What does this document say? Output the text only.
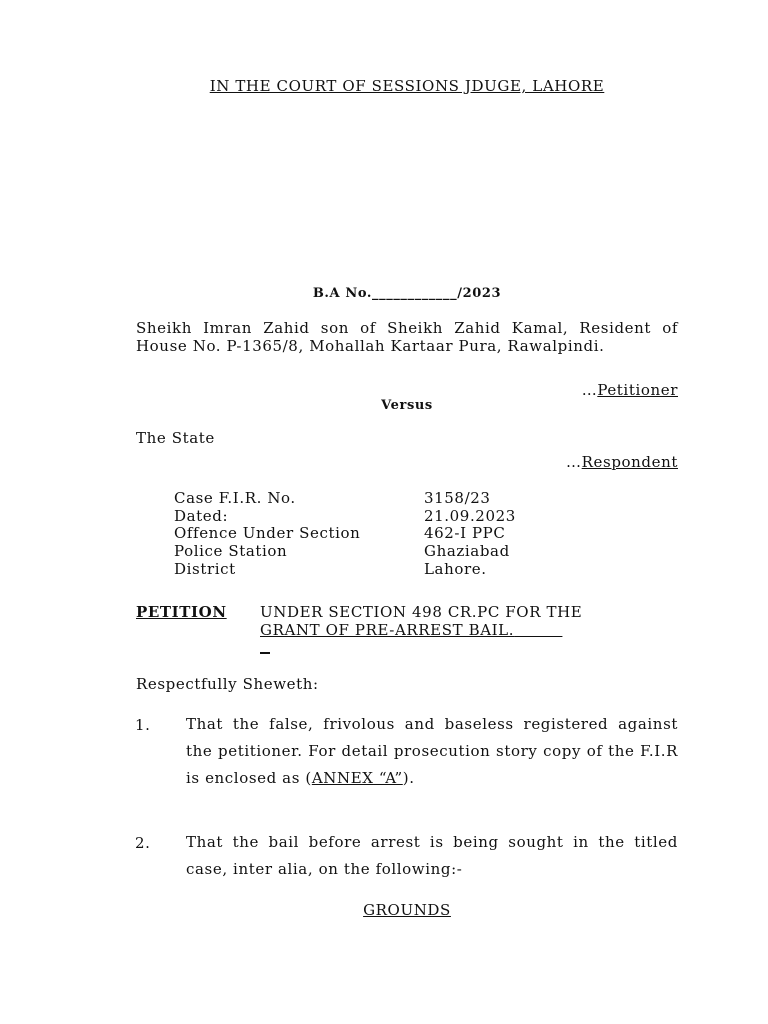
IN THE COURT OF SESSIONS JDUGE, LAHORE
B.A No.____________/2023
Sheikh Imran Zahid son of Sheikh Zahid Kamal, Resident of House No. P-1365/8, Mohallah Kartaar Pura, Rawalpindi.
…Petitioner
Versus
The State
…Respondent
Case F.I.R. No.	3158/23
Dated:	21.09.2023
Offence Under Section	462-I PPC
Police Station	Ghaziabad
District	Lahore.
PETITION UNDER SECTION 498 CR.PC FOR THE
GRANT OF PRE-ARREST BAIL.
Respectfully Sheweth:
1. That the false, frivolous and baseless registered against the petitioner. For detail prosecution story copy of the F.I.R is enclosed as (ANNEX “A”).
2. That the bail before arrest is being sought in the titled case, inter alia, on the following:-
GROUNDS
